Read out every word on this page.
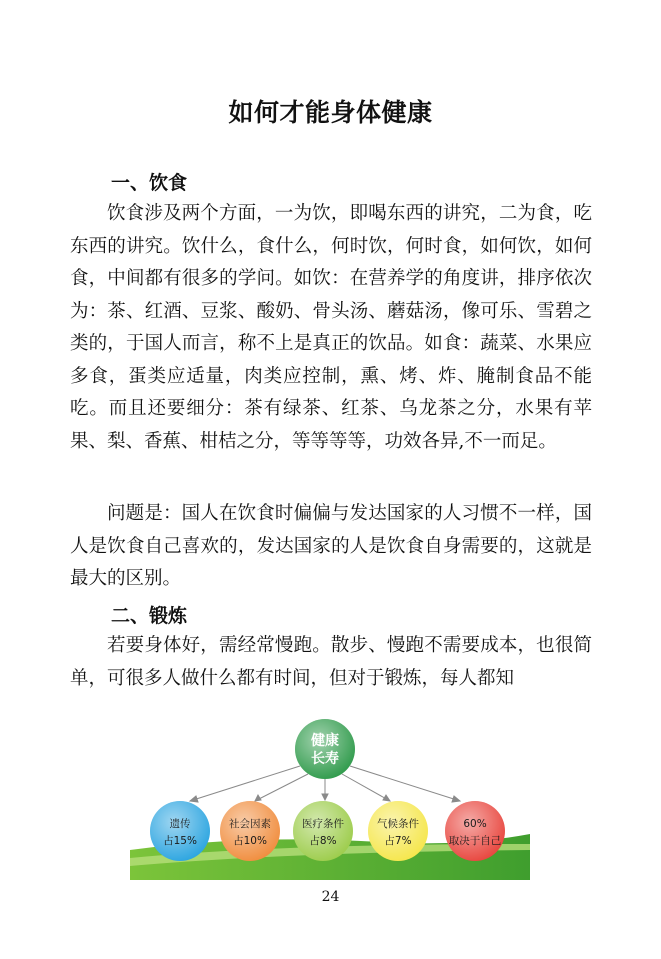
如何才能身体健康
一、饮食

饮食涉及两个方面，一为饮，即喝东西的讲究，二为食，吃东西的讲究。饮什么，食什么，何时饮，何时食，如何饮，如何食，中间都有很多的学问。如饮：在营养学的角度讲，排序依次为：茶、红酒、豆浆、酸奶、骨头汤、蘑菇汤，像可乐、雪碧之类的，于国人而言，称不上是真正的饮品。如食：蔬菜、水果应多食，蛋类应适量，肉类应控制，熏、烤、炸、腌制食品不能吃。而且还要细分：茶有绿茶、红茶、乌龙茶之分，水果有苹果、梨、香蕉、柑桔之分，等等等等，功效各异,不一而足。

问题是：国人在饮食时偏偏与发达国家的人习惯不一样，国人是饮食自己喜欢的，发达国家的人是饮食自身需要的，这就是最大的区别。

二、锻炼

若要身体好，需经常慢跑。散步、慢跑不需要成本，也很简单，可很多人做什么都有时间，但对于锻炼，每人都知

健康
长寿
遗传
占15%
社会因素
占10%
医疗条件
占8%
气候条件
占7%
60%
取决于自己
24
